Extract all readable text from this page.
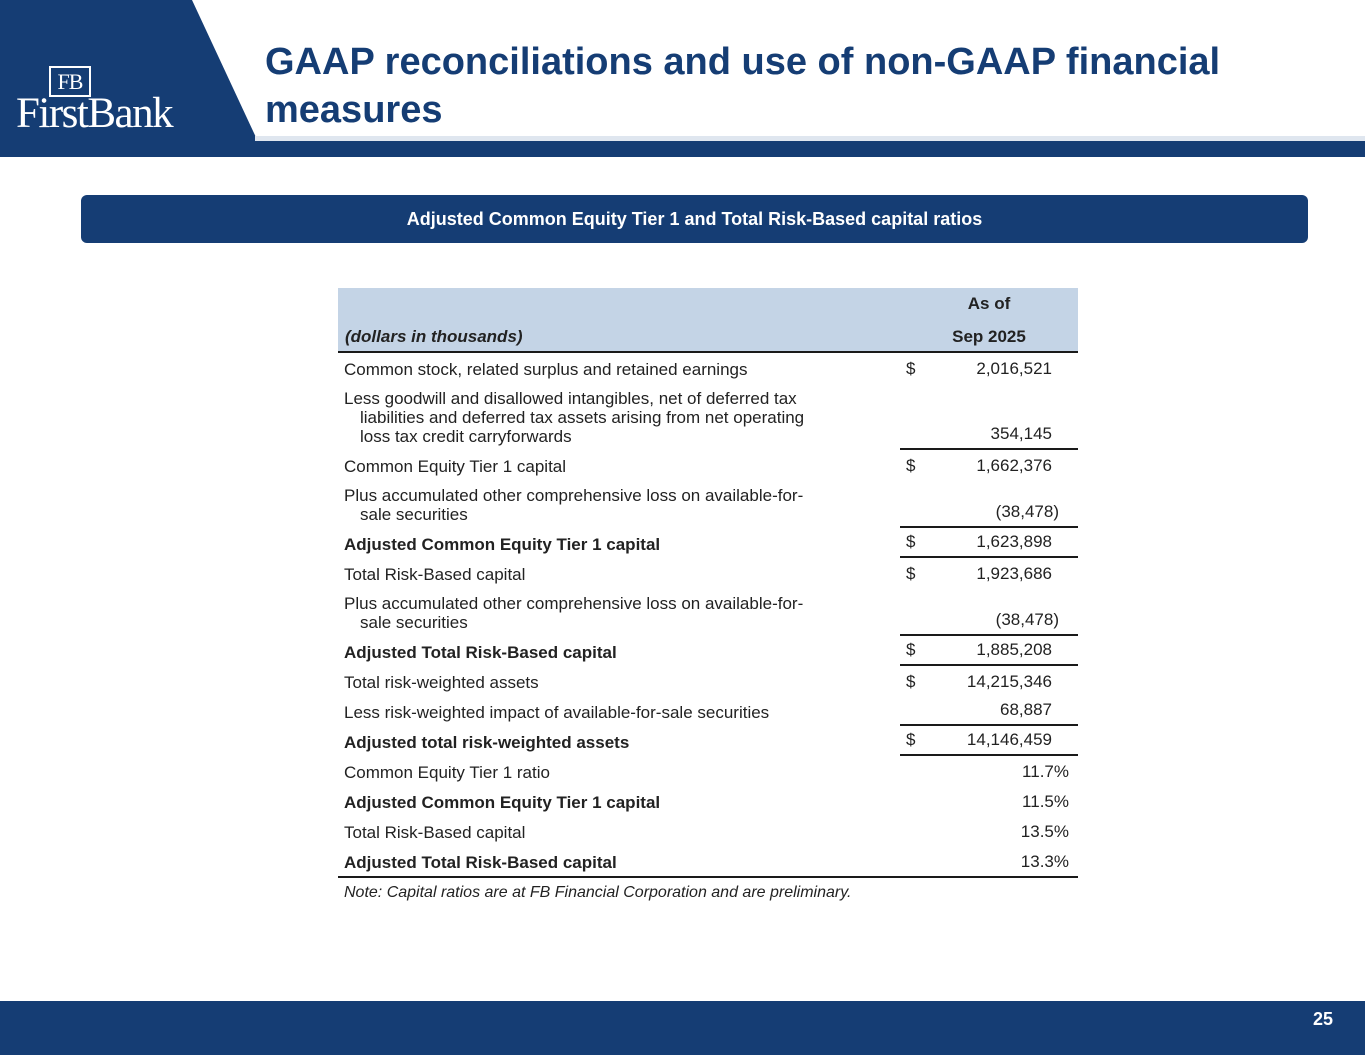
FB
FirstBank
GAAP reconciliations and use of non-GAAP financial measures
Adjusted Common Equity Tier 1 and Total Risk-Based capital ratios
As of
(dollars in thousands)	Sep 2025
Common stock, related surplus and retained earnings	$	2,016,521
Less goodwill and disallowed intangibles, net of deferred tax
liabilities and deferred tax assets arising from net operating
loss tax credit carryforwards	354,145
Common Equity Tier 1 capital	$	1,662,376
Plus accumulated other comprehensive loss on available-for-
sale securities	(38,478)
Adjusted Common Equity Tier 1 capital	$	1,623,898
Total Risk-Based capital	$	1,923,686
Plus accumulated other comprehensive loss on available-for-
sale securities	(38,478)
Adjusted Total Risk-Based capital	$	1,885,208
Total risk-weighted assets	$	14,215,346
Less risk-weighted impact of available-for-sale securities	68,887
Adjusted total risk-weighted assets	$	14,146,459
Common Equity Tier 1 ratio	11.7%
Adjusted Common Equity Tier 1 capital	11.5%
Total Risk-Based capital	13.5%
Adjusted Total Risk-Based capital	13.3%
Note: Capital ratios are at FB Financial Corporation and are preliminary.
25
